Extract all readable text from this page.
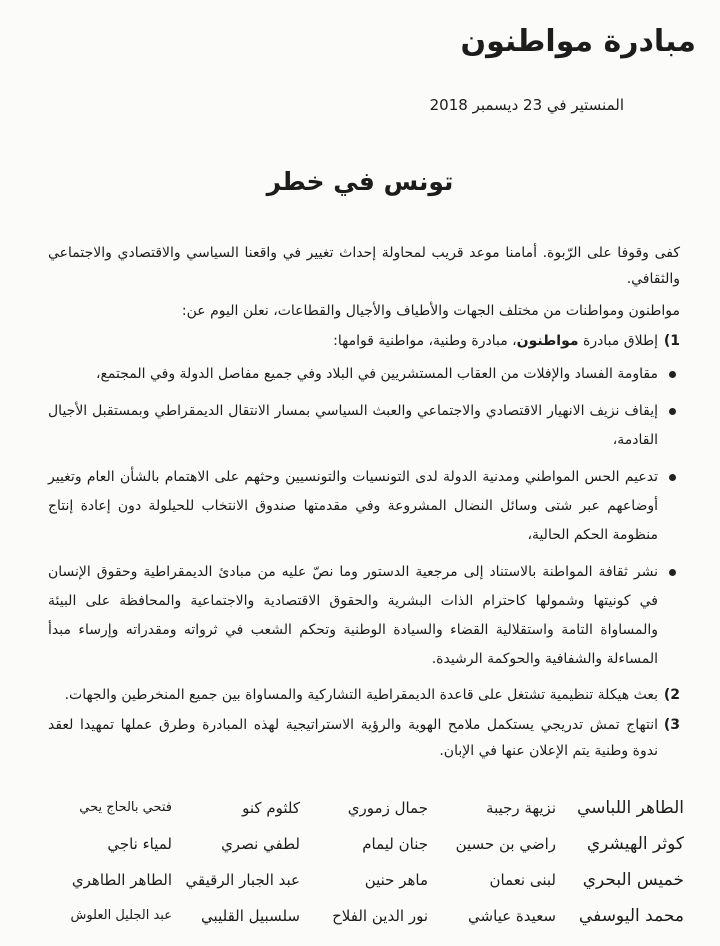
مبادرة مواطنون
المنستير في 23 ديسمبر 2018
تونس في خطر

كفى وقوفا على الرّبوة. أمامنا موعد قريب لمحاولة إحداث تغيير في واقعنا السياسي والاقتصادي والاجتماعي والثقافي.

مواطنون ومواطنات من مختلف الجهات والأطياف والأجيال والقطاعات، نعلن اليوم عن:

1)
إطلاق مبادرة مواطنون، مبادرة وطنية، مواطنية قوامها:
مقاومة الفساد والإفلات من العقاب المستشريين في البلاد وفي جميع مفاصل الدولة وفي المجتمع،
إيقاف نزيف الانهيار الاقتصادي والاجتماعي والعبث السياسي بمسار الانتقال الديمقراطي وبمستقبل الأجيال القادمة،
تدعيم الحس المواطني ومدنية الدولة لدى التونسيات والتونسيين وحثهم على الاهتمام بالشأن العام وتغيير أوضاعهم عبر شتى وسائل النضال المشروعة وفي مقدمتها صندوق الانتخاب للحيلولة دون إعادة إنتاج منظومة الحكم الحالية،
نشر ثقافة المواطنة بالاستناد إلى مرجعية الدستور وما نصّ عليه من مبادئ الديمقراطية وحقوق الإنسان في كونيتها وشمولها كاحترام الذات البشرية والحقوق الاقتصادية والاجتماعية والمحافظة على البيئة والمساواة التامة واستقلالية القضاء والسيادة الوطنية وتحكم الشعب في ثرواته ومقدراته وإرساء مبدأ المساءلة والشفافية والحوكمة الرشيدة.
2)
بعث هيكلة تنظيمية تشتغل على قاعدة الديمقراطية التشاركية والمساواة بين جميع المنخرطين والجهات.
3)
انتهاج تمش تدريجي يستكمل ملامح الهوية والرؤية الاستراتيجية لهذه المبادرة وطرق عملها تمهيدا لعقد ندوة وطنية يتم الإعلان عنها في الإبان.
الطاهر اللباسي
نزيهة رجيبة
جمال زموري
كلثوم كنو
فتحي بالحاج يحي
كوثر الهيشري
راضي بن حسين
جنان ليمام
لطفي نصري
لمياء ناجي
خميس البحري
لبنى نعمان
ماهر حنين
عبد الجبار الرقيقي
الطاهر الطاهري
محمد اليوسفي
سعيدة عياشي
نور الدين الفلاح
سلسبيل القليبي
عبد الجليل العلوش
